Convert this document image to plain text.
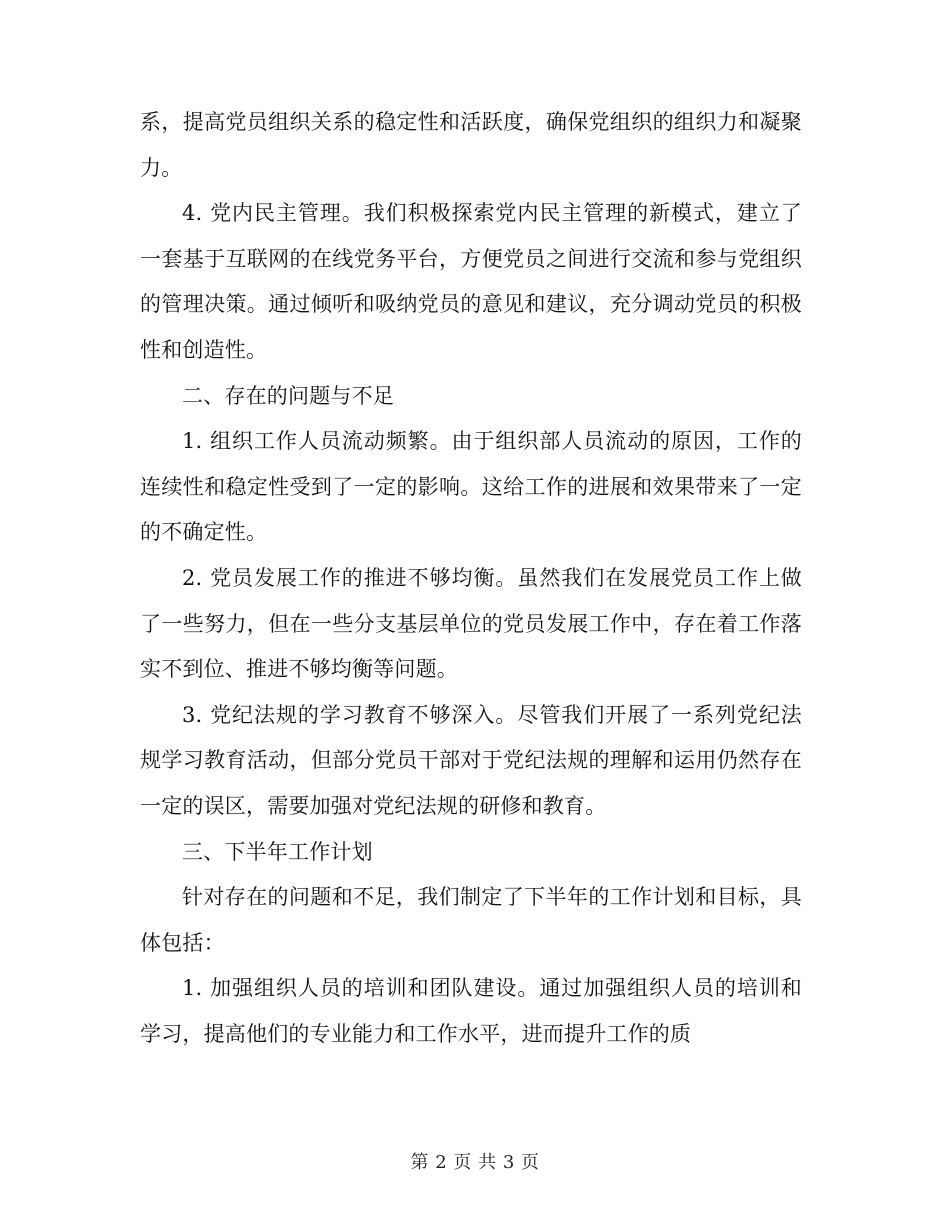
系，提高党员组织关系的稳定性和活跃度，确保党组织的组织力和凝聚力。

4. 党内民主管理。我们积极探索党内民主管理的新模式，建立了一套基于互联网的在线党务平台，方便党员之间进行交流和参与党组织的管理决策。通过倾听和吸纳党员的意见和建议，充分调动党员的积极性和创造性。

二、存在的问题与不足

1. 组织工作人员流动频繁。由于组织部人员流动的原因，工作的连续性和稳定性受到了一定的影响。这给工作的进展和效果带来了一定的不确定性。

2. 党员发展工作的推进不够均衡。虽然我们在发展党员工作上做了一些努力，但在一些分支基层单位的党员发展工作中，存在着工作落实不到位、推进不够均衡等问题。

3. 党纪法规的学习教育不够深入。尽管我们开展了一系列党纪法规学习教育活动，但部分党员干部对于党纪法规的理解和运用仍然存在一定的误区，需要加强对党纪法规的研修和教育。

三、下半年工作计划

针对存在的问题和不足，我们制定了下半年的工作计划和目标，具体包括：

1. 加强组织人员的培训和团队建设。通过加强组织人员的培训和学习，提高他们的专业能力和工作水平，进而提升工作的质

第 2 页 共 3 页
